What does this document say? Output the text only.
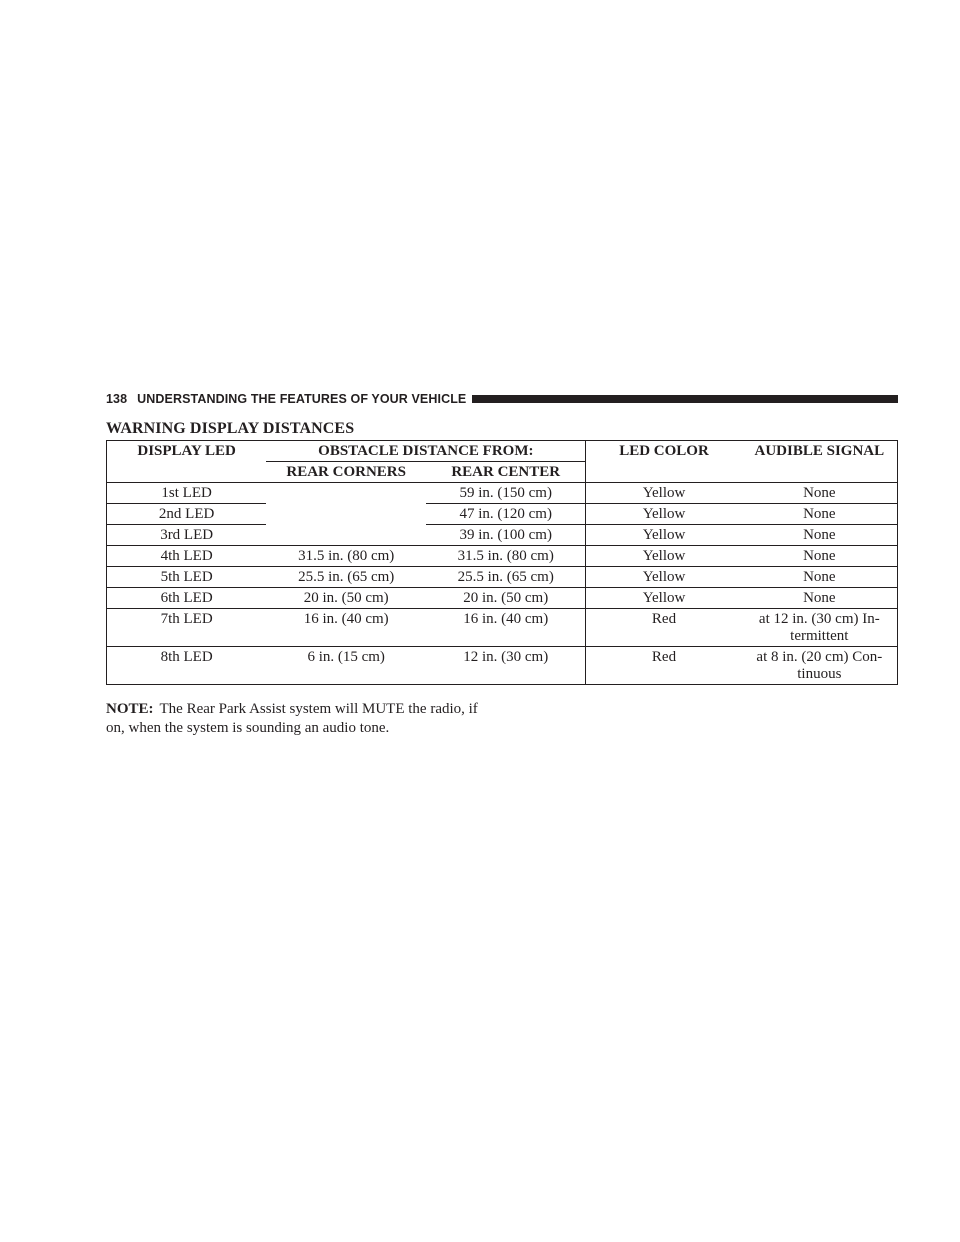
138 UNDERSTANDING THE FEATURES OF YOUR VEHICLE
WARNING DISPLAY DISTANCES
DISPLAY LED	OBSTACLE DISTANCE FROM:		LED COLOR	AUDIBLE SIGNAL
	REAR CORNERS	REAR CENTER		
1st LED		59 in. (150 cm)	Yellow	None
2nd LED		47 in. (120 cm)	Yellow	None
3rd LED		39 in. (100 cm)	Yellow	None
4th LED	31.5 in. (80 cm)	31.5 in. (80 cm)	Yellow	None
5th LED	25.5 in. (65 cm)	25.5 in. (65 cm)	Yellow	None
6th LED	20 in. (50 cm)	20 in. (50 cm)	Yellow	None
7th LED	16 in. (40 cm)	16 in. (40 cm)	Red	at 12 in. (30 cm) In-
termittent

8th LED	6 in. (15 cm)	12 in. (30 cm)	Red	at 8 in. (20 cm) Con-
tinuous
NOTE: The Rear Park Assist system will MUTE the radio, if on, when the system is sounding an audio tone.
